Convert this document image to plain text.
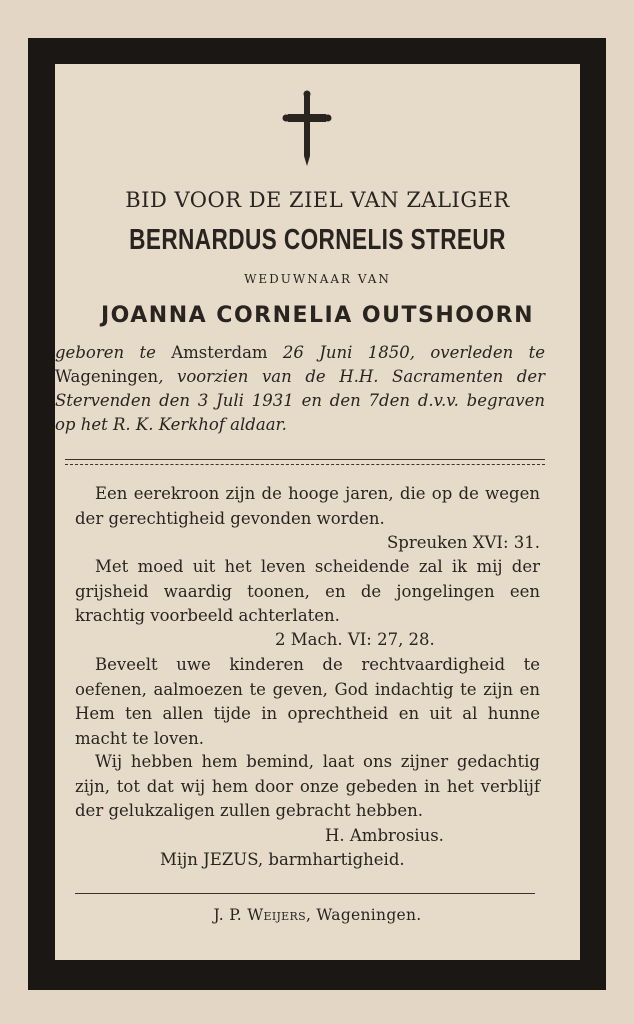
BID VOOR DE ZIEL VAN ZALIGER
BERNARDUS CORNELIS STREUR
WEDUWNAAR VAN
JOANNA CORNELIA OUTSHOORN
geboren te Amsterdam 26 Juni 1850, overleden te Wageningen, voorzien van de H.H. Sacramenten der Stervenden den 3 Juli 1931 en den 7den d.v.v. begraven op het R. K. Kerkhof aldaar.
Een eerekroon zijn de hooge jaren, die op de wegen der gerechtigheid gevonden worden.
Spreuken XVI: 31.
Met moed uit het leven scheidende zal ik mij der grijsheid waardig toonen, en de jongelingen een krachtig voorbeeld achterlaten.
2 Mach. VI: 27, 28.
Beveelt uwe kinderen de rechtvaardigheid te oefenen, aalmoezen te geven, God indachtig te zijn en Hem ten allen tijde in oprechtheid en uit al hunne macht te loven.
Wij hebben hem bemind, laat ons zijner gedachtig zijn, tot dat wij hem door onze gebeden in het verblijf der gelukzaligen zullen gebracht hebben.
H. Ambrosius.
Mijn JEZUS, barmhartigheid.
J. P. Weijers, Wageningen.
